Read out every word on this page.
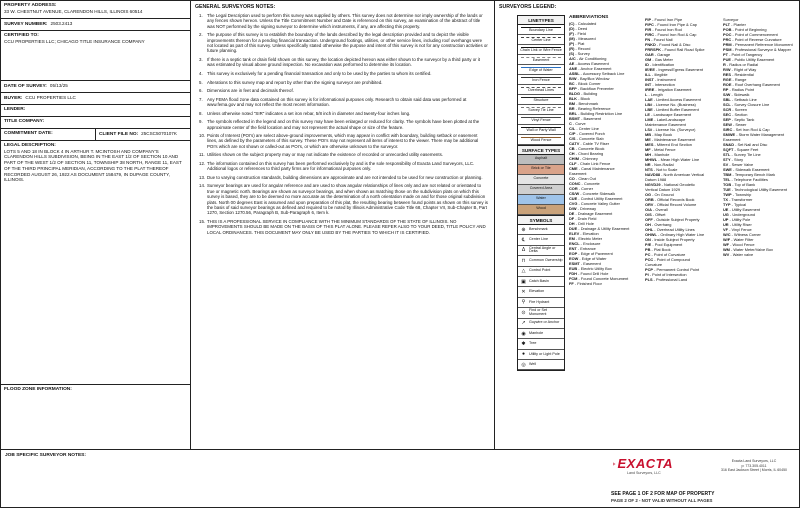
PROPERTY ADDRESS:
33 W. CHESTNUT AVENUE, CLARENDON HILLS, ILLINOIS 60514
SURVEY NUMBER: 2503.2413
CERTIFIED TO:
CCU PROPERTIES LLC; CHICAGO TITLE INSURANCE COMPANY
DATE OF SURVEY: 05/13/25
BUYER: CCU PROPERTIES LLC
LENDER:
TITLE COMPANY:
COMMITMENT DATE:	CLIENT FILE NO: 25CSC5070107K
LEGAL DESCRIPTION:
LOTS 5 AND 18 IN BLOCK 4 IN ARTHUR T. MCINTOSH AND COMPANY'S CLARENDON HILLS SUBDIVISION, BEING IN THE EAST 1/2 OF SECTION 10 AND PART OF THE WEST 1/2 OF SECTION 11, TOWNSHIP 38 NORTH, RANGE 11, EAST OF THE THIRD PRINCIPAL MERIDIAN, ACCORDING TO THE PLAT THEREOF RECORDED AUGUST 26, 1922 AS DOCUMENT 158479, IN DUPAGE COUNTY, ILLINOIS.
FLOOD ZONE INFORMATION:
GENERAL SURVEYORS NOTES:
1. The Legal Description used to perform this survey was supplied by others. This survey does not determine nor imply ownership of the lands or any fences shown hereon. Unless the Title Commitment Number and Date is referenced on this survey, an examination of the abstract of title was NOT performed by the signing surveyor to determine which instruments, if any, are affecting this property.
2. The purpose of this survey is to establish the boundary of the lands described by the legal description provided and to depict the visible improvements thereon for a pending financial transaction. Underground footings, utilities, or other service lines, including roof overhangs were not located as part of this survey. Unless specifically stated otherwise the purpose and intent of this survey is not for any construction activities or future planning.
3. If there is a septic tank or drain field shown on this survey, the location depicted hereon was either shown to the surveyor by a third party or it was estimated by visual above ground inspection. No excavation was performed to determine its location.
4. This survey is exclusively for a pending financial transaction and only to be used by the parties to whom its certified.
5. Alterations to this survey map and report by other than the signing surveyor are prohibited.
6. Dimensions are in feet and decimals thereof.
7. Any FEMA flood zone data contained on this survey is for informational purposes only. Research to obtain said data was performed at www.fema.gov and may not reflect the most recent information.
8. Unless otherwise noted "SIR" indicates a set iron rebar, 5/8 inch in diameter and twenty-four inches long.
9. The symbols reflected in the legend and on this survey may have been enlarged or reduced for clarity. The symbols have been plotted at the approximate center of the field location and may not represent the actual shape or size of the feature.
10. Points of Interest (POI's) are select above-ground improvements, which may appear in conflict with boundary, building setback or easement lines, as defined by the parameters of this survey. These POI's may not represent all items of interest to the viewer. There may be additional POI's which are not shown or called-out as POI's, or which are otherwise unknown to the surveyor.
11. Utilities shown on the subject property may or may not indicate the existence of recorded or unrecorded utility easements.
12. The information contained on this survey has been performed exclusively by and is the sole responsibility of Exacta Land Surveyors, LLC. Additional logos or references to third party firms are for informational purposes only.
13. Due to varying construction standards, building dimensions are approximate and are not intended to be used for new construction or planning.
14. Surveyor bearings are used for angular reference and are used to show angular relationships of lines only and are not related or orientated to true or magnetic north. Bearings are shown as surveyor bearings, and when shown as matching those on the subdivision plats on which this survey is based, they are to be deemed no more accurate as the determination of a north orientation made on and for those original subdivision plats. North 00 degrees East is assumed and upon preparation of this plat, the resulting bearing between found points as shown on this survey is the basis of said surveyor bearings as defined and required to be noted by Illinois Administrative Code Title 68, Chapter VII, Sub-Chapter B, Part 1270, Section 1270.56, Paragraph B, Sub-Paragraph 6, Item k.
15. THIS IS A PROFESSIONAL SERVICE IN COMPLIANCE WITH THE MINIMUM STANDARDS OF THE STATE OF ILLINOIS. NO IMPROVEMENTS SHOULD BE MADE ON THE BASIS OF THIS PLAT ALONE. PLEASE REFER ALSO TO YOUR DEED, TITLE POLICY AND LOCAL ORDINANCES. THIS DOCUMENT MAY ONLY BE USED BY THE PARTIES TO WHICH IT IS CERTIFIED.
SURVEYORS LEGEND:
LINETYPES
Boundary Line
Center Line
Chain Link or Wire Fence
Easement
Edge of Water
Iron Fence
Overhead Lines
Structure
Survey Tie Line
Vinyl Fence
Wall or Party Wall
Wood Fence
SURFACE TYPES
Asphalt
Brick or Tile
Concrete
Covered Area
Water
Wood
SYMBOLS
⊕ Benchmark
℄	Center Line
Δ	Central Angle or Delta
⊓ Common Ownership
△ Control Point
▣ Catch Basin
✕ Elevation
⚲ Fire Hydrant
⊙ Find or Set Monument
↗ Guywire or Anchor
◉ Manhole
✱ Tree
●	Utility or Light Pole
◎ Well
ABBREVIATIONS
(C) - Calculated
(D) - Deed
(F) - Field
(M) - Measured
(P) - Plat
(R) - Record
(S) - Survey
A/C - Air Conditioning
AE - Access Easement
ANE - Anchor Easement
ASBL - Accessory Setback Line
B/W - Bay/Box Window
BC - Block Corner
BFP - Backflow Preventer
BLDG - Building
BLK - Block
BM - Benchmark
BR - Bearing Reference
BRL - Building Restriction Line
BSMT - Basement
C - Curve
C/L - Center Line
C/P - Covered Porch
C/S - Concrete Slab
CATV - Cable TV Riser
CB - Concrete Block
CH - Chord Bearing
CHIM - Chimney
CLF - Chain Link Fence
CME - Canal Maintenance Easement
CO - Clean Out
CONC - Concrete
COR - Corner
CS/W - Concrete Sidewalk
CUE - Control Utility Easement
CVG - Concrete Valley Gutter
D/W - Driveway
DE - Drainage Easement
DF - Drain Field
DH - Drill Hole
DUE - Drainage & Utility Easement
ELEV - Elevation
EM - Electric Meter
ENCL - Enclosure
ENT - Entrance
EOP - Edge of Pavement
EOW - Edge of Water
ESMT - Easement
EUB - Electric Utility Box
FDH - Found Drill Hole
FCM - Found Concrete Monument
FF - Finished Floor
FIP - Found Iron Pipe
FIPC - Found Iron Pipe & Cap
FIR - Found Iron Rod
FIRC - Found Iron Rod & Cap
FN - Found Nail
FNKD - Found Nail & Disc
FRRSPK - Found Rail Road Spike
GAR - Garage
GM - Gas Meter
ID - Identification
IE/EE - Ingress/Egress Easement
ILL - Illegible
INST - Instrument
INT - Intersection
IRRE - Irrigation Easement
L - Length
LAE - Limited Access Easement
LB# - License No. (Business)
LBE - Limited Buffer Easement
LE - Landscape Easement
LME - Lake/Landscape Maintenance Easement
LS# - License No. (Surveyor)
MB - Map Book
ME - Maintenance Easement
MES - Mitered End Section
MF - Metal Fence
MH - Manhole
MHWL - Mean High Water Line
NR - Non-Radial
NTS - Not to Scale
NAVD88 - North American Vertical Datum 1988
NGVD29 - National Geodetic Vertical Datum 1929
OG - On Ground
ORB - Official Records Book
ORV - Official Record Volume
O/A - Overall
O/S - Offset
OFF - Outside Subject Property
OH - Overhang
OHL - Overhead Utility Lines
OHWL - Ordinary High Water Line
ON - Inside Subject Property
P/E - Pool Equipment
PB - Plat Book
PC - Point of Curvature
PCC - Point of Compound Curvature
PCP - Permanent Control Point
PI - Point of Intersection
PLS - Professional Land
Surveyor
PLT - Planter
POB - Point of Beginning
POC - Point of Commencement
PRC - Point of Reverse Curvature
PRM - Permanent Reference Monument
PSM - Professional Surveyor & Mapper
PT - Point of Tangency
PUE - Public Utility Easement
R - Radius or Radial
R/W - Right of Way
RES - Residential
RGE - Range
ROE - Roof Overhang Easement
RP - Radius Point
S/W - Sidewalk
SBL - Setback Line
SCL - Survey Closure Line
SCR - Screen
SEC - Section
SEP - Septic Tank
SEW - Sewer
SIRC - Set Iron Rod & Cap
SMWE - Storm Water Management Easement
SN&D - Set Nail and Disc
SQFT - Square Feet
STL - Survey Tie Line
STY - Story
SV - Sewer Valve
SWE - Sidewalk Easement
TBM - Temporary Bench Mark
TEL - Telephone Facilities
TOB - Top of Bank
TUE - Technological Utility Easement
TWP - Township
TX - Transformer
TYP - Typical
UE - Utility Easement
UG - Underground
UP - Utility Pole
UR - Utility Riser
VF - Vinyl Fence
W/C - Witness Corner
W/F - Water Filter
WF - Wood Fence
WM - Water Meter/Valve Box
WV - Water valve
JOB SPECIFIC SURVEYOR NOTES:
EXACTA
Land Surveyors, LLC
Exacta Land Surveyors, LLC
p: 773.305.4011
316 East Jackson Street | Morris, IL 60450
SEE PAGE 1 OF 2 FOR MAP OF PROPERTY
PAGE 2 OF 2 - NOT VALID WITHOUT ALL PAGES
